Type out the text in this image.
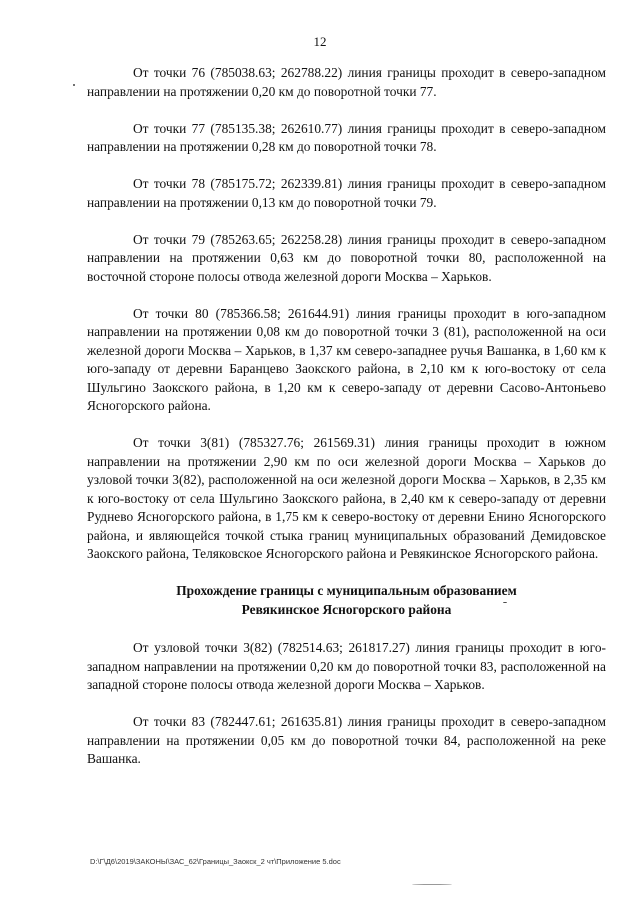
12

От точки 76 (785038.63; 262788.22) линия границы проходит в северо-западном направлении на протяжении 0,20 км до поворотной точки 77.

От точки 77 (785135.38; 262610.77) линия границы проходит в северо-западном направлении на протяжении 0,28 км до поворотной точки 78.

От точки 78 (785175.72; 262339.81) линия границы проходит в северо-западном направлении на протяжении 0,13 км до поворотной точки 79.

От точки 79 (785263.65; 262258.28) линия границы проходит в северо-западном направлении на протяжении 0,63 км до поворотной точки 80, расположенной на восточной стороне полосы отвода железной дороги Москва – Харьков.

От точки 80 (785366.58; 261644.91) линия границы проходит в юго-западном направлении на протяжении 0,08 км до поворотной точки 3 (81), расположенной на оси железной дороги Москва – Харьков, в 1,37 км северо-западнее ручья Вашанка, в 1,60 км к юго-западу от деревни Баранцево Заокского района, в 2,10 км к юго-востоку от села Шульгино Заокского района, в 1,20 км к северо-западу от деревни Сасово-Антоньево Ясногорского района.

От точки 3(81) (785327.76; 261569.31) линия границы проходит в южном направлении на протяжении 2,90 км по оси железной дороги Москва – Харьков до узловой точки 3(82), расположенной на оси железной дороги Москва – Харьков, в 2,35 км к юго-востоку от села Шульгино Заокского района, в 2,40 км к северо-западу от деревни Руднево Ясногорского района, в 1,75 км к северо-востоку от деревни Енино Ясногорского района, и являющейся точкой стыка границ муниципальных образований Демидовское Заокского района, Теляковское Ясногорского района и Ревякинское Ясногорского района.

Прохождение границы с муниципальным образованием
Ревякинское Ясногорского района

От узловой точки 3(82) (782514.63; 261817.27) линия границы проходит в юго-западном направлении на протяжении 0,20 км до поворотной точки 83, расположенной на западной стороне полосы отвода железной дороги Москва – Харьков.

От точки 83 (782447.61; 261635.81) линия границы проходит в северо-западном направлении на протяжении 0,05 км до поворотной точки 84, расположенной на реке Вашанка.

D:\Г\Д6\2019\ЗАКОНЫ\ЗАС_62\Границы_Заокск_2 чт\Приложение 5.doc
